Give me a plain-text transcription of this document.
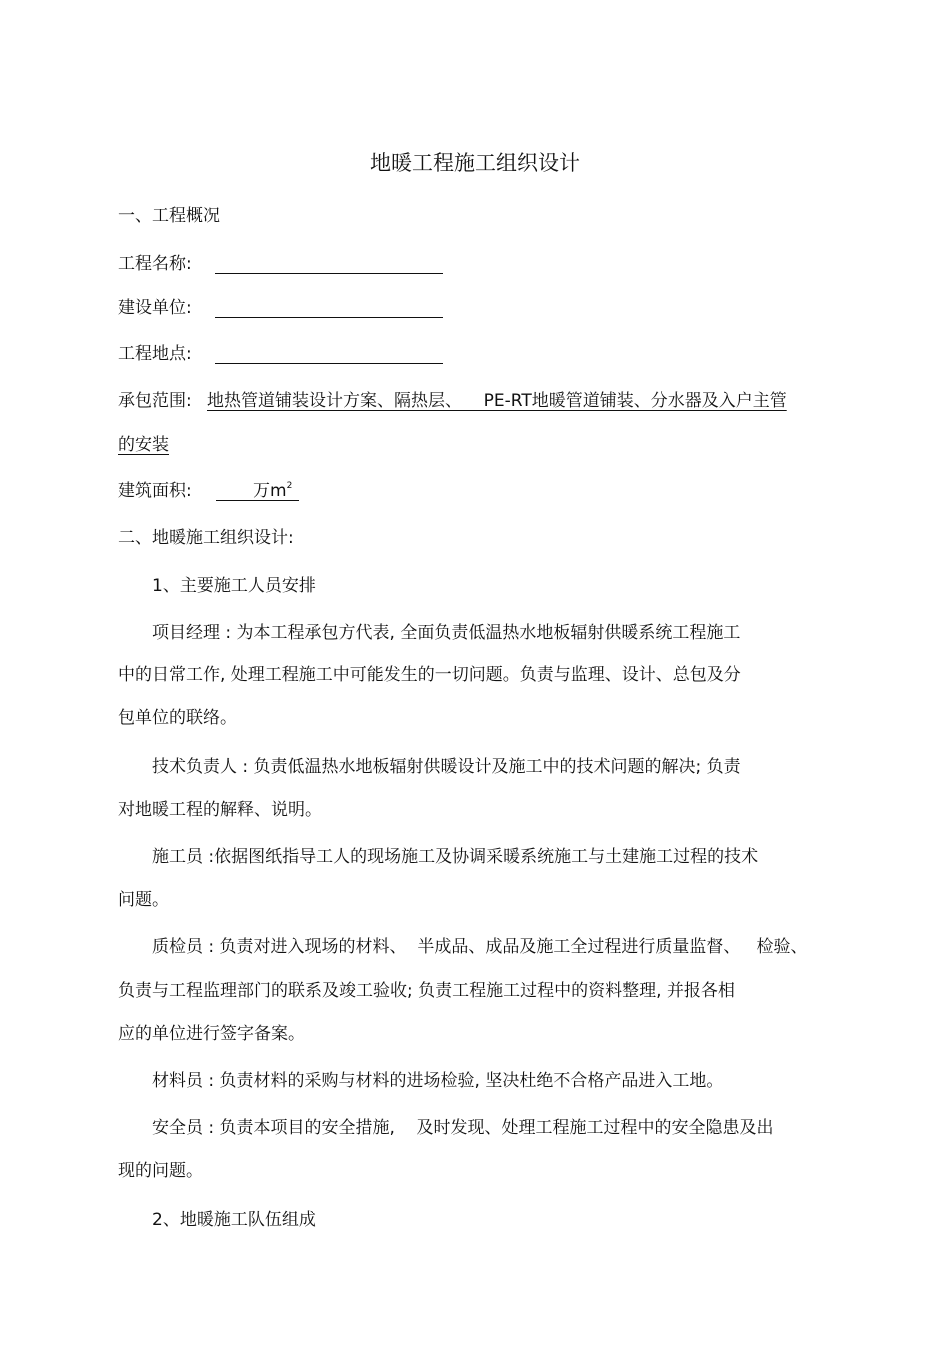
地暖工程施工组织设计
一、工程概况
工程名称:
建设单位:
工程地点:
承包范围: 地热管道铺装设计方案、隔热层、    PE-RT地暖管道铺装、分水器及入户主管
的安装
建筑面积:	万$m^2$
二、地暖施工组织设计:
1、主要施工人员安排
项目经理 : 为本工程承包方代表, 全面负责低温热水地板辐射供暖系统工程施工
中的日常工作, 处理工程施工中可能发生的一切问题。负责与监理、设计、总包及分
包单位的联络。
技术负责人 : 负责低温热水地板辐射供暖设计及施工中的技术问题的解决; 负责
对地暖工程的解释、说明。
施工员 :依据图纸指导工人的现场施工及协调采暖系统施工与土建施工过程的技术
问题。
质检员 : 负责对进入现场的材料、  半成品、成品及施工全过程进行质量监督、   检验、
负责与工程监理部门的联系及竣工验收; 负责工程施工过程中的资料整理, 并报各相
应的单位进行签字备案。
材料员 : 负责材料的采购与材料的进场检验, 坚决杜绝不合格产品进入工地。
安全员 : 负责本项目的安全措施,    及时发现、处理工程施工过程中的安全隐患及出
现的问题。
2、地暖施工队伍组成
